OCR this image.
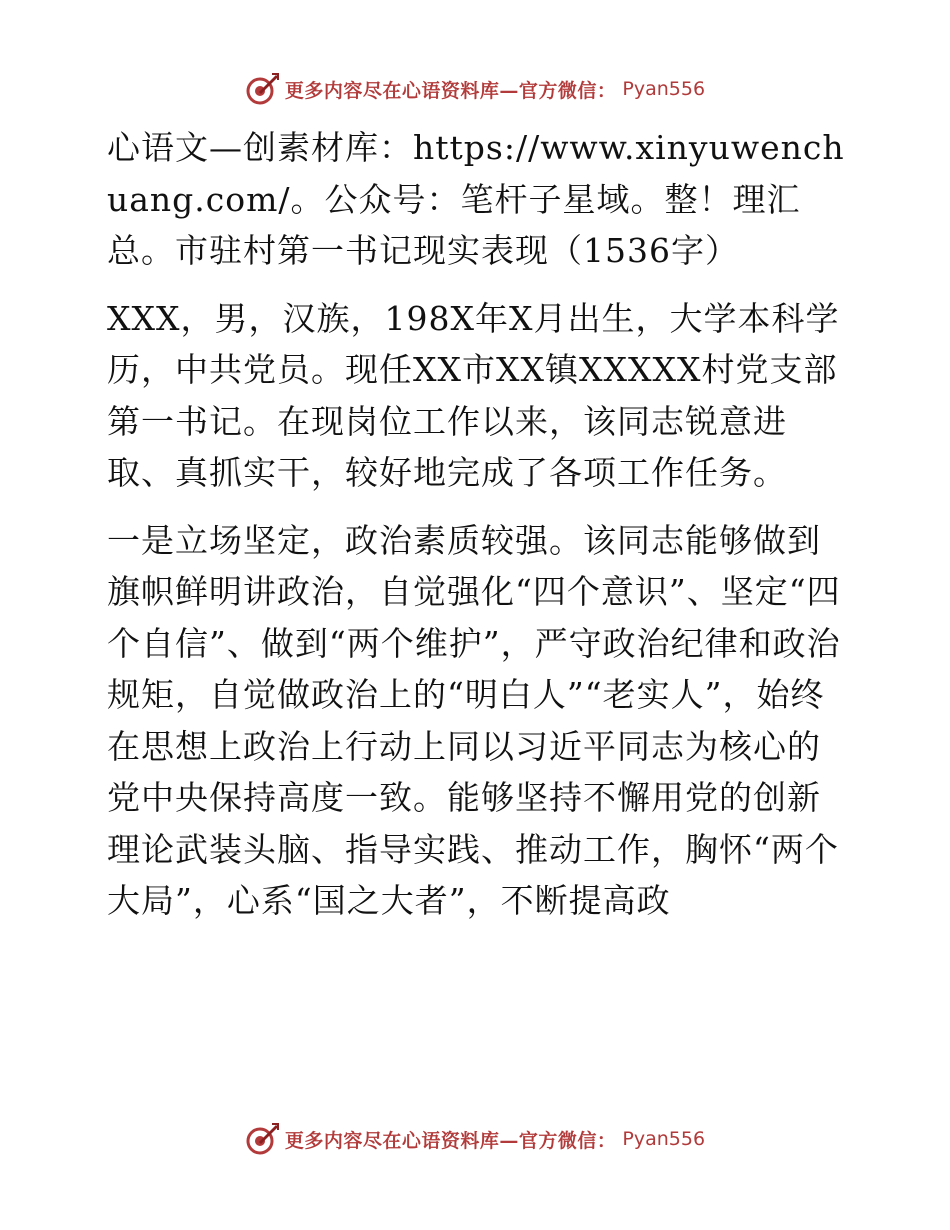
更多内容尽在心语资料库—官方微信： Pyan556

心语文—创素材库：https://www.xinyuwenchuang.com/。公众号：笔杆子星域。整！理汇总。市驻村第一书记现实表现（1536字）

XXX，男，汉族，198X年X月出生，大学本科学历，中共党员。现任XX市XX镇XXXXX村党支部第一书记。在现岗位工作以来，该同志锐意进取、真抓实干，较好地完成了各项工作任务。

一是立场坚定，政治素质较强。该同志能够做到旗帜鲜明讲政治，自觉强化“四个意识”、坚定“四个自信”、做到“两个维护”，严守政治纪律和政治规矩，自觉做政治上的“明白人”“老实人”，始终在思想上政治上行动上同以习近平同志为核心的党中央保持高度一致。能够坚持不懈用党的创新理论武装头脑、指导实践、推动工作，胸怀“两个大局”，心系“国之大者”，不断提高政

更多内容尽在心语资料库—官方微信： Pyan556
